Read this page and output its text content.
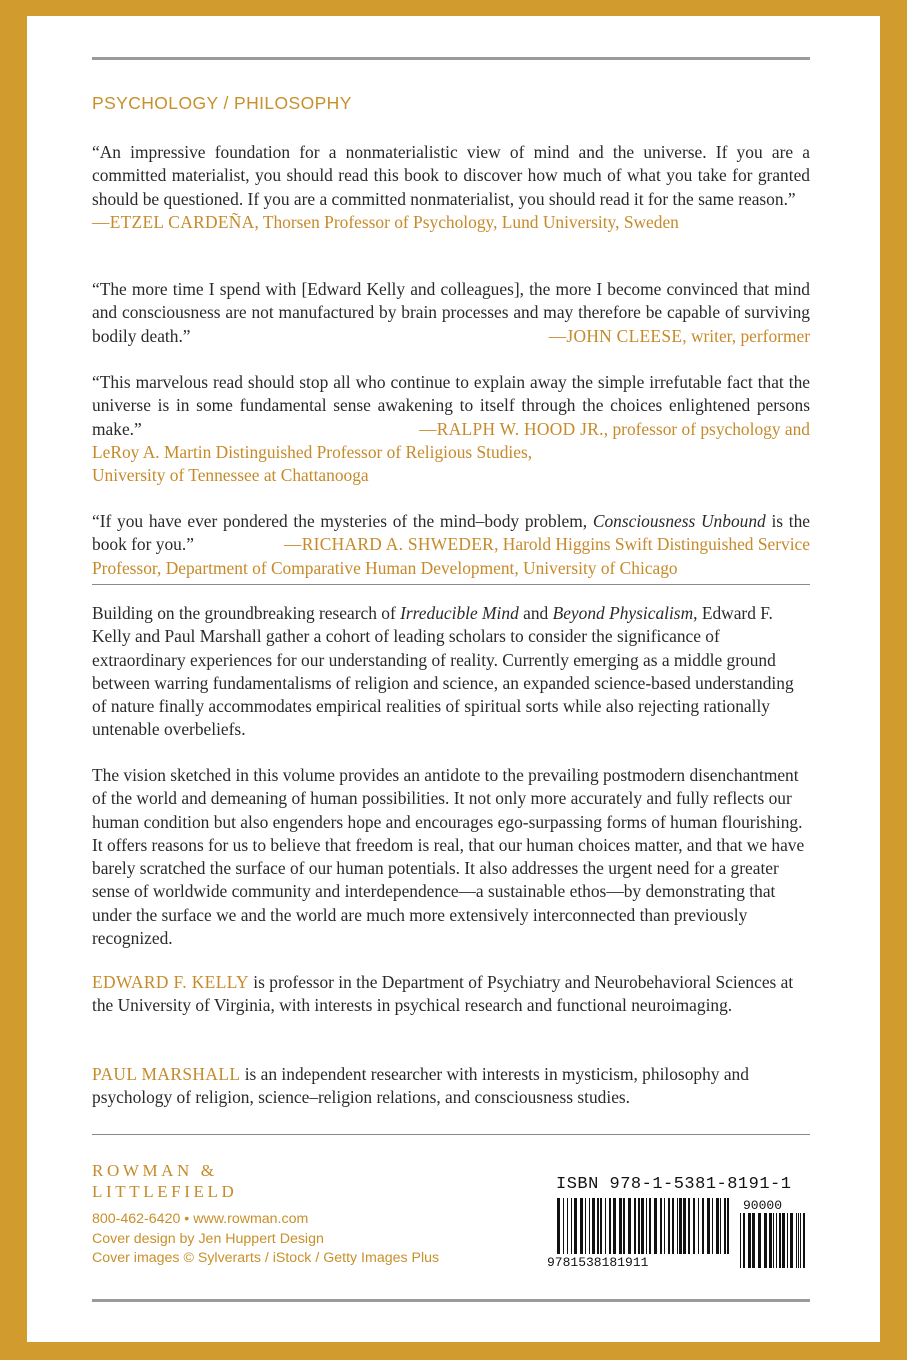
PSYCHOLOGY / PHILOSOPHY
“An impressive foundation for a nonmaterialistic view of mind and the universe. If you are a committed materialist, you should read this book to discover how much of what you take for granted should be questioned. If you are a committed nonmaterialist, you should read it for the same reason.”
—ETZEL CARDEÑA, Thorsen Professor of Psychology, Lund University, Sweden
“The more time I spend with [Edward Kelly and colleagues], the more I become convinced that mind and consciousness are not manufactured by brain processes and may therefore be capable of surviving bodily death.”	—JOHN CLEESE, writer, performer
“This marvelous read should stop all who continue to explain away the simple irrefutable fact that the universe is in some fundamental sense awakening to itself through the choices enlightened persons make.”	—RALPH W. HOOD JR., professor of psychology and
LeRoy A. Martin Distinguished Professor of Religious Studies,
University of Tennessee at Chattanooga
“If you have ever pondered the mysteries of the mind–body problem, Consciousness Unbound is the book for you.”	—RICHARD A. SHWEDER, Harold Higgins Swift Distinguished Service
Professor, Department of Comparative Human Development, University of Chicago
Building on the groundbreaking research of Irreducible Mind and Beyond Physicalism, Edward F. Kelly and Paul Marshall gather a cohort of leading scholars to consider the significance of extraordinary experiences for our understanding of reality. Currently emerging as a middle ground between warring fundamentalisms of religion and science, an expanded science-based understanding of nature finally accommodates empirical realities of spiritual sorts while also rejecting rationally untenable overbeliefs.
The vision sketched in this volume provides an antidote to the prevailing postmodern disenchantment of the world and demeaning of human possibilities. It not only more accurately and fully reflects our human condition but also engenders hope and encourages ego-surpassing forms of human flourishing. It offers reasons for us to believe that freedom is real, that our human choices matter, and that we have barely scratched the surface of our human potentials. It also addresses the urgent need for a greater sense of worldwide community and interdependence—a sustainable ethos—by demonstrating that under the surface we and the world are much more extensively interconnected than previously recognized.
EDWARD F. KELLY is professor in the Department of Psychiatry and Neurobehavioral Sciences at the University of Virginia, with interests in psychical research and functional neuroimaging.
PAUL MARSHALL is an independent researcher with interests in mysticism, philosophy and psychology of religion, science–religion relations, and consciousness studies.
ROWMAN &
LITTLEFIELD
800-462-6420 • www.rowman.com
Cover design by Jen Huppert Design
Cover images © Sylverarts / iStock / Getty Images Plus
ISBN 978-1-5381-8191-1
9781538181911
90000
